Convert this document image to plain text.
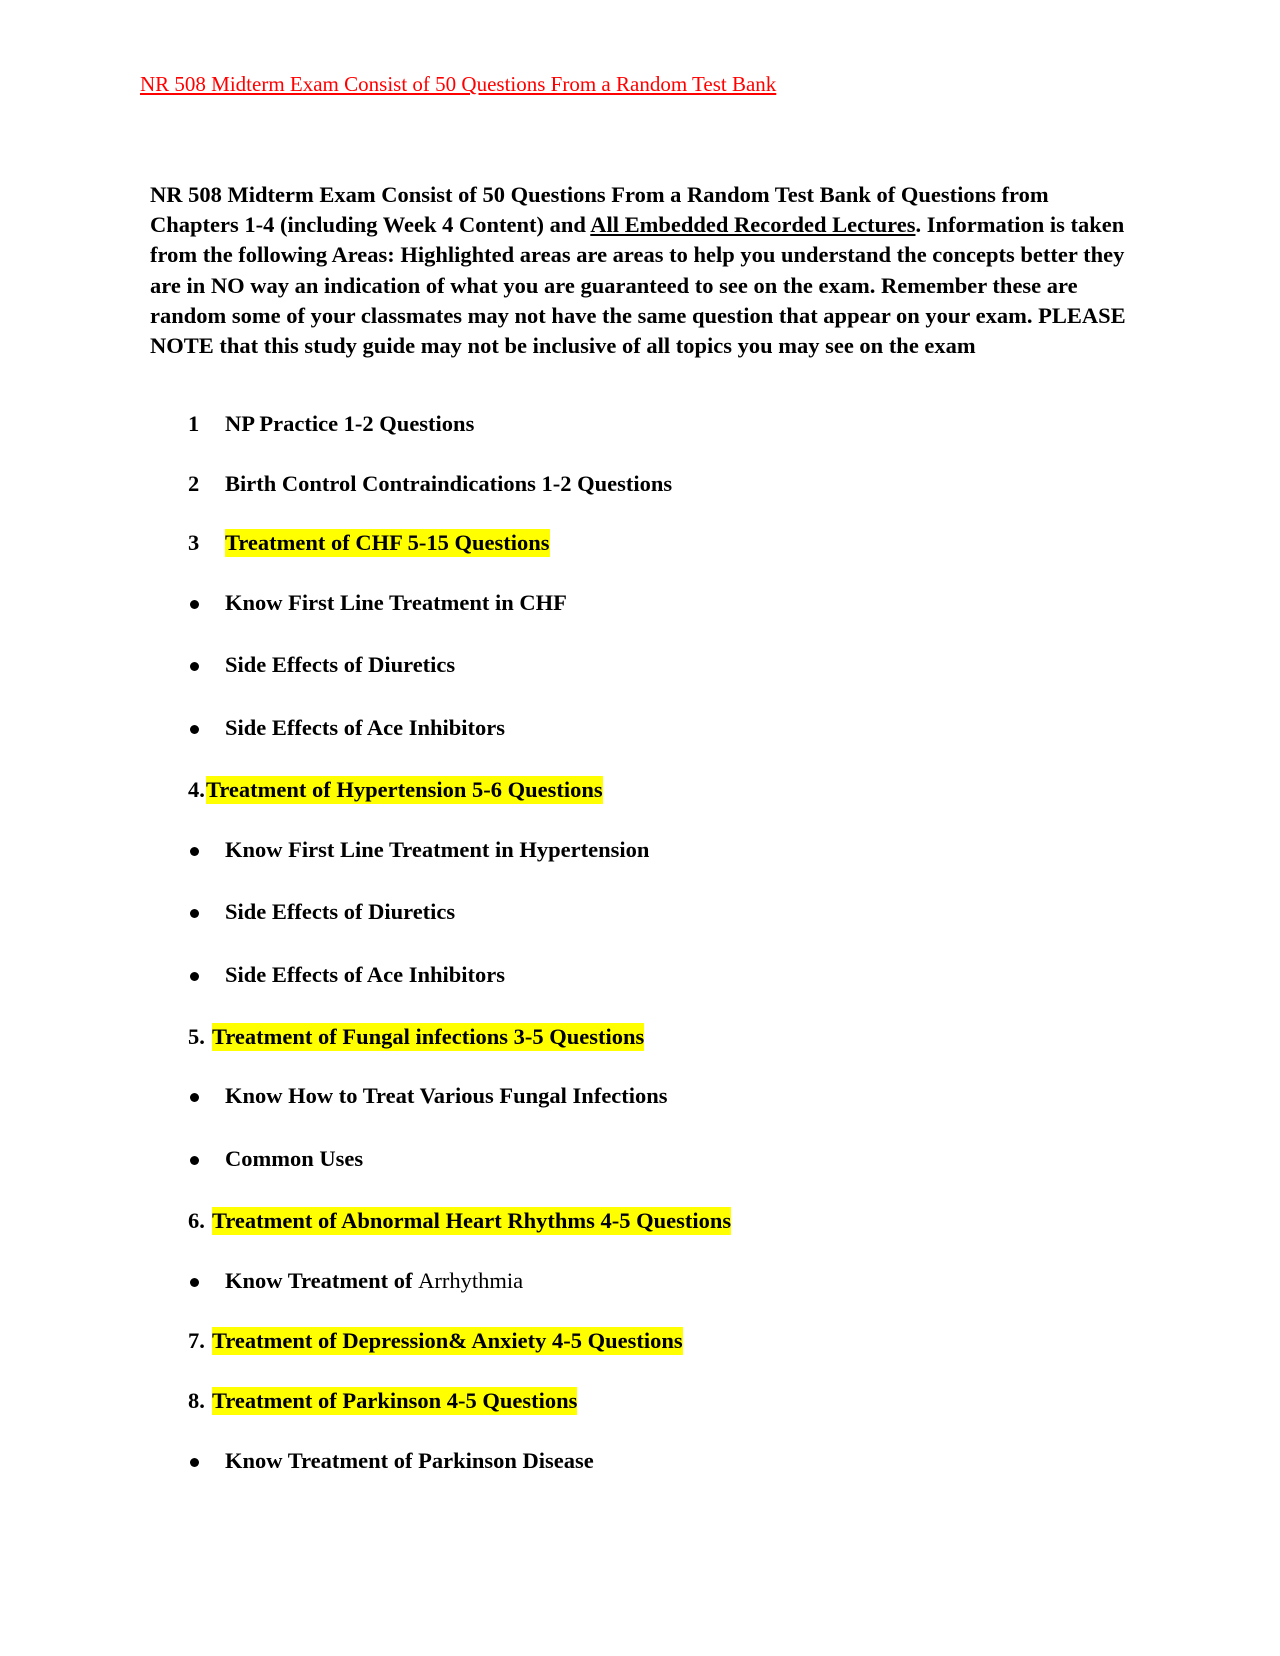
NR 508 Midterm Exam Consist of 50 Questions From a Random Test Bank
NR 508 Midterm Exam Consist of 50 Questions From a Random Test Bank of Questions from Chapters 1-4 (including Week 4 Content) and All Embedded Recorded Lectures. Information is taken from the following Areas: Highlighted areas are areas to help you understand the concepts better they are in NO way an indication of what you are guaranteed to see on the exam. Remember these are random some of your classmates may not have the same question that appear on your exam. PLEASE NOTE that this study guide may not be inclusive of all topics you may see on the exam
1 NP Practice 1-2 Questions
2 Birth Control Contraindications 1-2 Questions
3 Treatment of CHF 5-15 Questions
Know First Line Treatment in CHF
Side Effects of Diuretics
Side Effects of Ace Inhibitors
4. Treatment of Hypertension 5-6 Questions
Know First Line Treatment in Hypertension
Side Effects of Diuretics
Side Effects of Ace Inhibitors
5. Treatment of Fungal infections 3-5 Questions
Know How to Treat Various Fungal Infections
Common Uses
6. Treatment of Abnormal Heart Rhythms 4-5 Questions
Know Treatment of Arrhythmia
7. Treatment of Depression& Anxiety 4-5 Questions
8. Treatment of Parkinson 4-5 Questions
Know Treatment of Parkinson Disease
